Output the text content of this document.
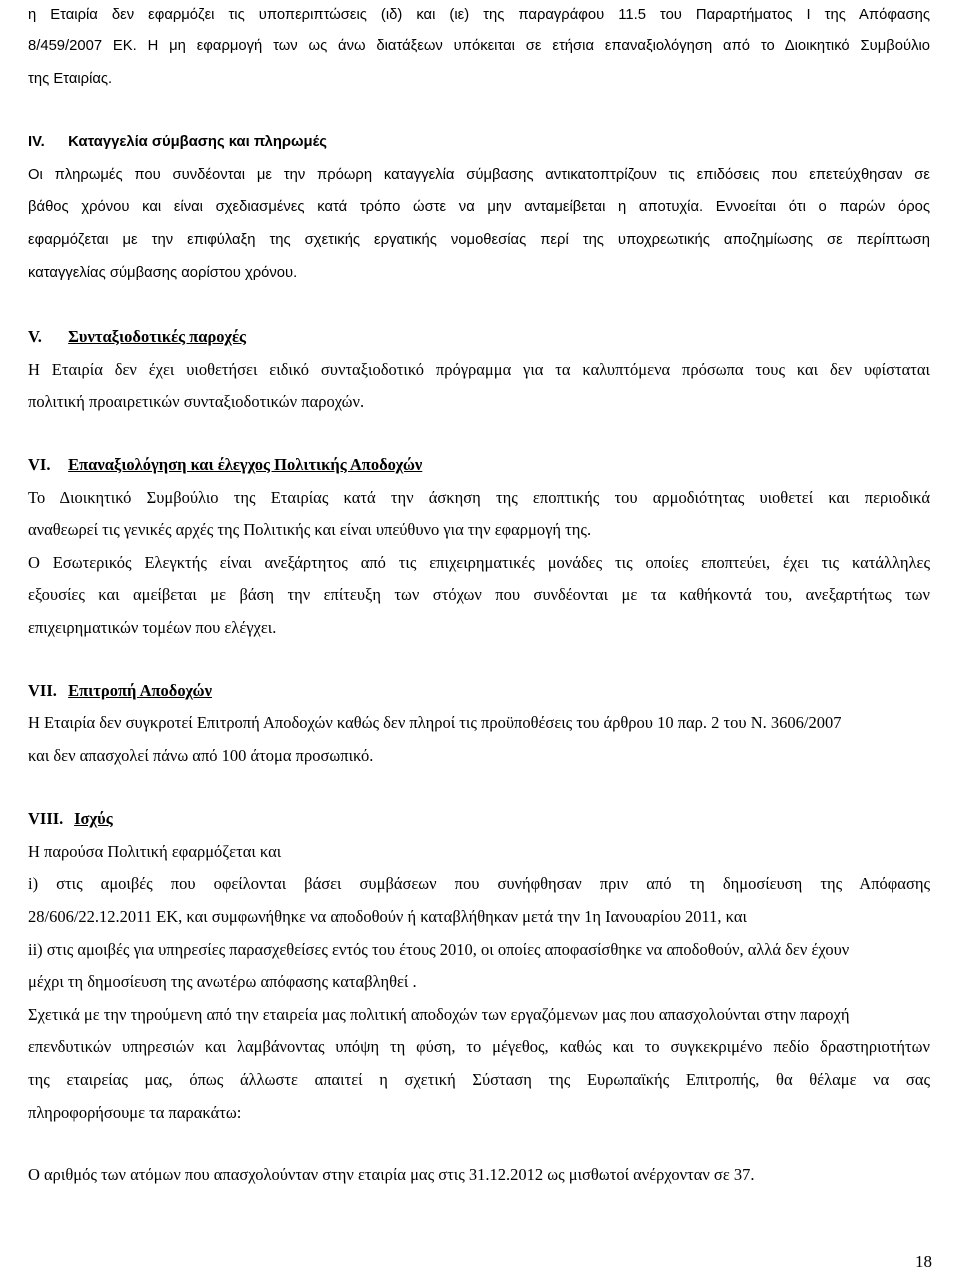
η Εταιρία δεν εφαρμόζει τις υποπεριπτώσεις (ιδ) και (ιε) της παραγράφου 11.5 του Παραρτήματος Ι της Απόφασης
8/459/2007 ΕΚ. Η μη εφαρμογή των ως άνω διατάξεων υπόκειται σε ετήσια επαναξιολόγηση από το Διοικητικό Συμβούλιο
της Εταιρίας.
IV. Καταγγελία σύμβασης και πληρωμές
Οι πληρωμές που συνδέονται με την πρόωρη καταγγελία σύμβασης αντικατοπτρίζουν τις επιδόσεις που επετεύχθησαν σε
βάθος χρόνου και είναι σχεδιασμένες κατά τρόπο ώστε να μην ανταμείβεται η αποτυχία. Εννοείται ότι ο παρών όρος
εφαρμόζεται με την επιφύλαξη της σχετικής εργατικής νομοθεσίας περί της υποχρεωτικής αποζημίωσης σε περίπτωση
καταγγελίας σύμβασης αορίστου χρόνου.
V. Συνταξιοδοτικές παροχές
Η Εταιρία δεν έχει υιοθετήσει ειδικό συνταξιοδοτικό πρόγραμμα για τα καλυπτόμενα πρόσωπα τους και δεν υφίσταται
πολιτική προαιρετικών συνταξιοδοτικών παροχών.
VI. Επαναξιολόγηση και έλεγχος Πολιτικής Αποδοχών
Το Διοικητικό Συμβούλιο της Εταιρίας κατά την άσκηση της εποπτικής του αρμοδιότητας υιοθετεί και περιοδικά
αναθεωρεί τις γενικές αρχές της Πολιτικής και είναι υπεύθυνο για την εφαρμογή της.
Ο Εσωτερικός Ελεγκτής είναι ανεξάρτητος από τις επιχειρηματικές μονάδες τις οποίες εποπτεύει, έχει τις κατάλληλες
εξουσίες και αμείβεται με βάση την επίτευξη των στόχων που συνδέονται με τα καθήκοντά του, ανεξαρτήτως των
επιχειρηματικών τομέων που ελέγχει.
VII. Επιτροπή Αποδοχών
Η Εταιρία δεν συγκροτεί Επιτροπή Αποδοχών καθώς δεν πληροί τις προϋποθέσεις του άρθρου 10 παρ. 2 του Ν. 3606/2007
και δεν απασχολεί πάνω από 100 άτομα προσωπικό.
VIII. Ισχύς
Η παρούσα Πολιτική εφαρμόζεται και
i) στις αμοιβές που οφείλονται βάσει συμβάσεων που συνήφθησαν πριν από τη δημοσίευση της Απόφασης
28/606/22.12.2011 ΕΚ, και συμφωνήθηκε να αποδοθούν ή καταβλήθηκαν μετά την 1η Ιανουαρίου 2011, και
ii) στις αμοιβές για υπηρεσίες παρασχεθείσες εντός του έτους 2010, οι οποίες αποφασίσθηκε να αποδοθούν, αλλά δεν έχουν
μέχρι τη δημοσίευση της ανωτέρω απόφασης καταβληθεί .
Σχετικά με την τηρούμενη από την εταιρεία μας πολιτική αποδοχών των εργαζόμενων μας που απασχολούνται στην παροχή
επενδυτικών υπηρεσιών και λαμβάνοντας υπόψη τη φύση, το μέγεθος, καθώς και το συγκεκριμένο πεδίο δραστηριοτήτων
της εταιρείας μας, όπως άλλωστε απαιτεί η σχετική Σύσταση της Ευρωπαϊκής Επιτροπής, θα θέλαμε να σας
πληροφορήσουμε τα παρακάτω:
Ο αριθμός των ατόμων που απασχολούνταν στην εταιρία μας στις 31.12.2012 ως μισθωτοί ανέρχονταν σε 37.
18
